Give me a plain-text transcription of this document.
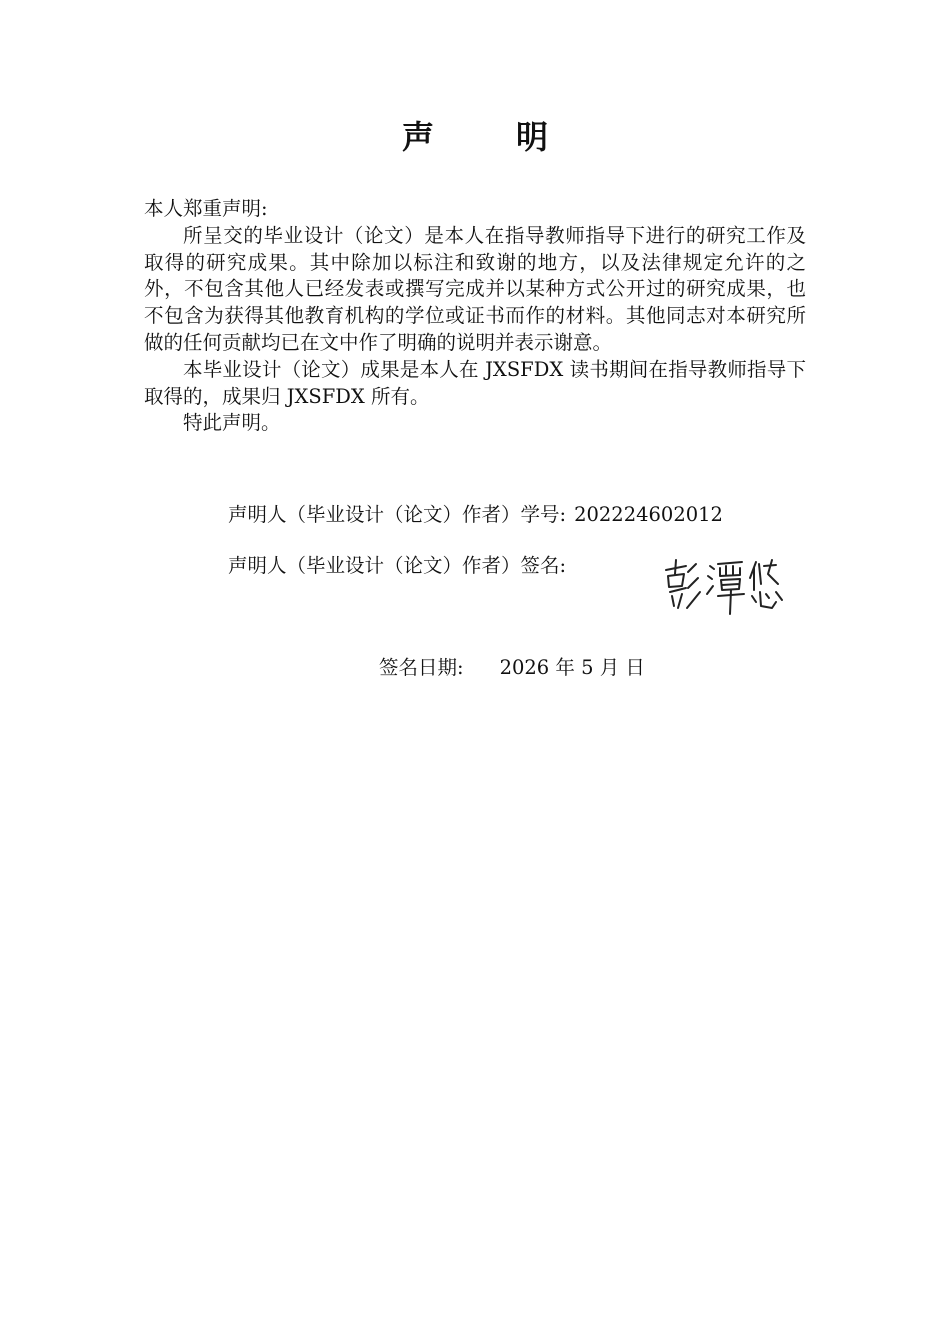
声	明

本人郑重声明:

所呈交的毕业设计（论文）是本人在指导教师指导下进行的研究工作及取得的研究成果。其中除加以标注和致谢的地方，以及法律规定允许的之外，不包含其他人已经发表或撰写完成并以某种方式公开过的研究成果，也不包含为获得其他教育机构的学位或证书而作的材料。其他同志对本研究所做的任何贡献均已在文中作了明确的说明并表示谢意。

本毕业设计（论文）成果是本人在 JXSFDX 读书期间在指导教师指导下取得的，成果归 JXSFDX 所有。

特此声明。

声明人（毕业设计（论文）作者）学号: 202224602012
声明人（毕业设计（论文）作者）签名:
签名日期: 2026 年 5 月 日
